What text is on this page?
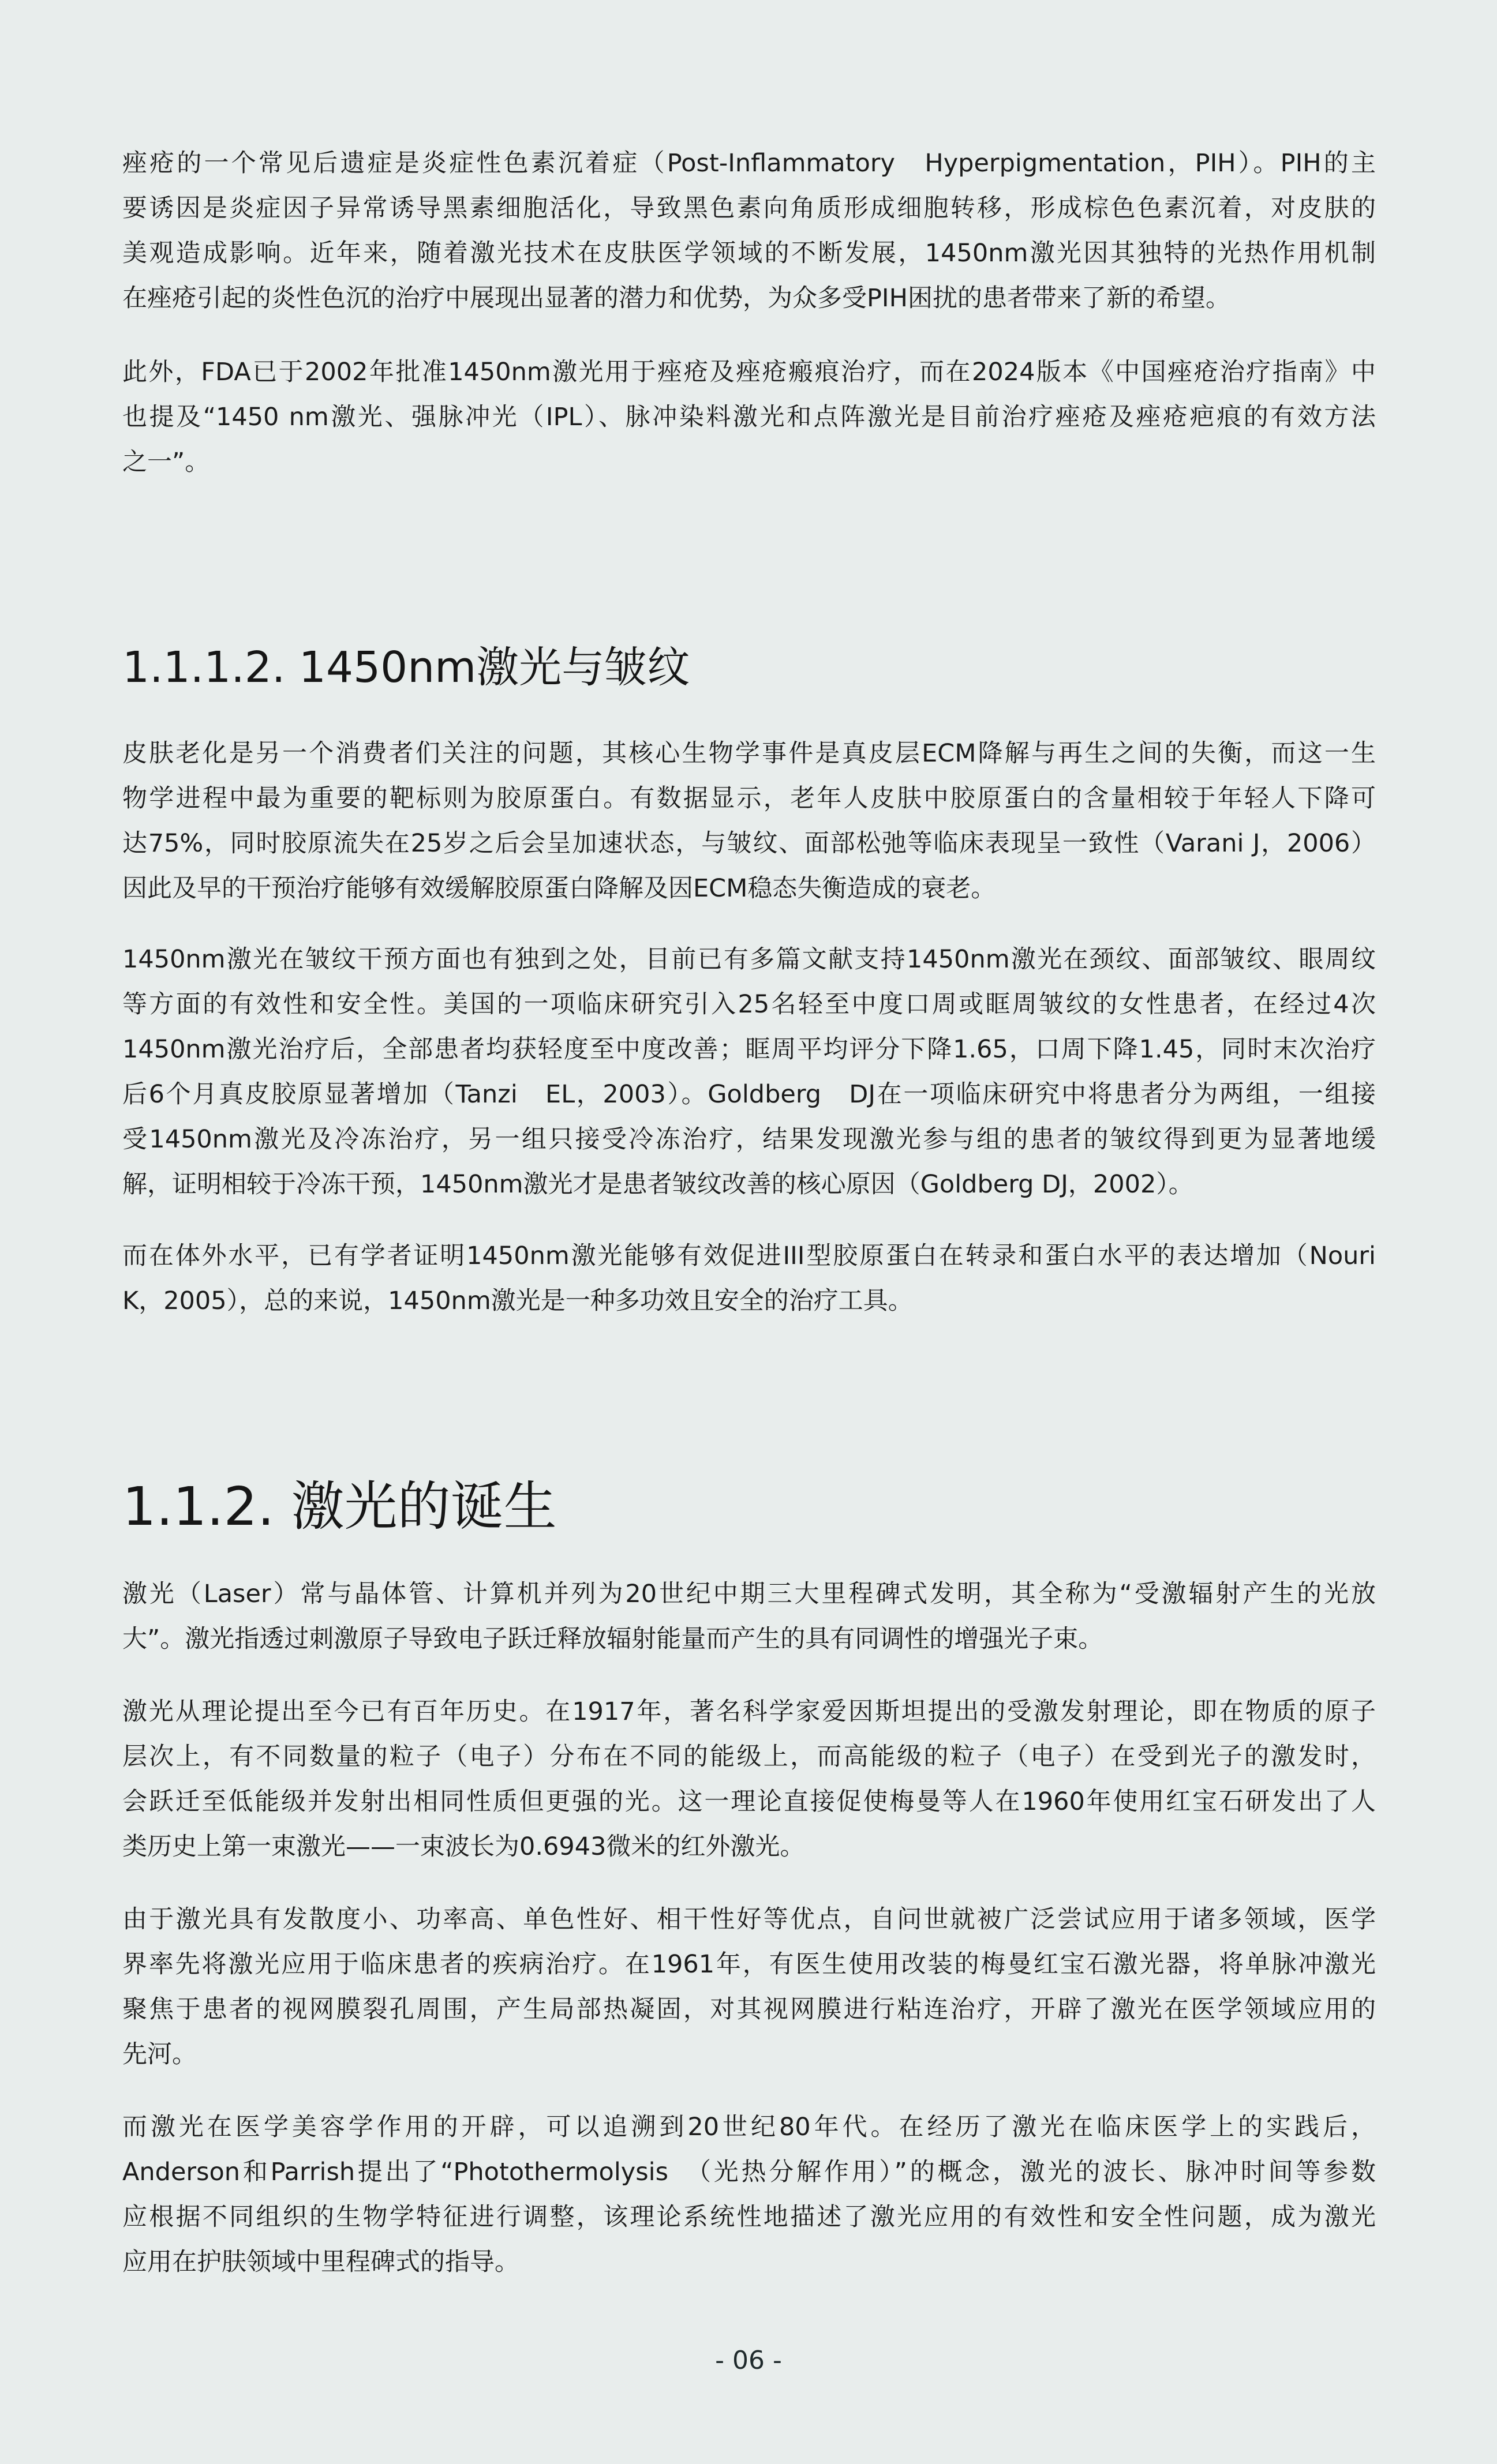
痤疮的一个常见后遗症是炎症性色素沉着症（Post-Inflammatory　Hyperpigmentation，PIH）。PIH的主
要诱因是炎症因子异常诱导黑素细胞活化，导致黑色素向角质形成细胞转移，形成棕色色素沉着，对皮肤的
美观造成影响。近年来，随着激光技术在皮肤医学领域的不断发展，1450nm激光因其独特的光热作用机制
在痤疮引起的炎性色沉的治疗中展现出显著的潜力和优势，为众多受PIH困扰的患者带来了新的希望。
此外，FDA已于2002年批准1450nm激光用于痤疮及痤疮瘢痕治疗，而在2024版本《中国痤疮治疗指南》中
也提及“1450 nm激光、强脉冲光（IPL）、脉冲染料激光和点阵激光是目前治疗痤疮及痤疮疤痕的有效方法
之一”。
1.1.1.2. 1450nm激光与皱纹
皮肤老化是另一个消费者们关注的问题，其核心生物学事件是真皮层ECM降解与再生之间的失衡，而这一生
物学进程中最为重要的靶标则为胶原蛋白。有数据显示，老年人皮肤中胶原蛋白的含量相较于年轻人下降可
达75%，同时胶原流失在25岁之后会呈加速状态，与皱纹、面部松弛等临床表现呈一致性（Varani J，2006）
因此及早的干预治疗能够有效缓解胶原蛋白降解及因ECM稳态失衡造成的衰老。
1450nm激光在皱纹干预方面也有独到之处，目前已有多篇文献支持1450nm激光在颈纹、面部皱纹、眼周纹
等方面的有效性和安全性。美国的一项临床研究引入25名轻至中度口周或眶周皱纹的女性患者，在经过4次
1450nm激光治疗后，全部患者均获轻度至中度改善；眶周平均评分下降1.65，口周下降1.45，同时末次治疗
后6个月真皮胶原显著增加（Tanzi　EL，2003）。Goldberg　DJ在一项临床研究中将患者分为两组，一组接
受1450nm激光及冷冻治疗，另一组只接受冷冻治疗，结果发现激光参与组的患者的皱纹得到更为显著地缓
解，证明相较于冷冻干预，1450nm激光才是患者皱纹改善的核心原因（Goldberg DJ，2002）。
而在体外水平，已有学者证明1450nm激光能够有效促进III型胶原蛋白在转录和蛋白水平的表达增加（Nouri
K，2005），总的来说，1450nm激光是一种多功效且安全的治疗工具。
1.1.2. 激光的诞生
激光（Laser）常与晶体管、计算机并列为20世纪中期三大里程碑式发明，其全称为“受激辐射产生的光放
大”。激光指透过刺激原子导致电子跃迁释放辐射能量而产生的具有同调性的增强光子束。
激光从理论提出至今已有百年历史。在1917年，著名科学家爱因斯坦提出的受激发射理论，即在物质的原子
层次上，有不同数量的粒子（电子）分布在不同的能级上，而高能级的粒子（电子）在受到光子的激发时，
会跃迁至低能级并发射出相同性质但更强的光。这一理论直接促使梅曼等人在1960年使用红宝石研发出了人
类历史上第一束激光——一束波长为0.6943微米的红外激光。
由于激光具有发散度小、功率高、单色性好、相干性好等优点，自问世就被广泛尝试应用于诸多领域，医学
界率先将激光应用于临床患者的疾病治疗。在1961年，有医生使用改装的梅曼红宝石激光器，将单脉冲激光
聚焦于患者的视网膜裂孔周围，产生局部热凝固，对其视网膜进行粘连治疗，开辟了激光在医学领域应用的
先河。
而激光在医学美容学作用的开辟，可以追溯到20世纪80年代。在经历了激光在临床医学上的实践后，
Anderson和Parrish提出了“Photothermolysis　（光热分解作用）”的概念，激光的波长、脉冲时间等参数
应根据不同组织的生物学特征进行调整，该理论系统性地描述了激光应用的有效性和安全性问题，成为激光
应用在护肤领域中里程碑式的指导。
- 06 -
